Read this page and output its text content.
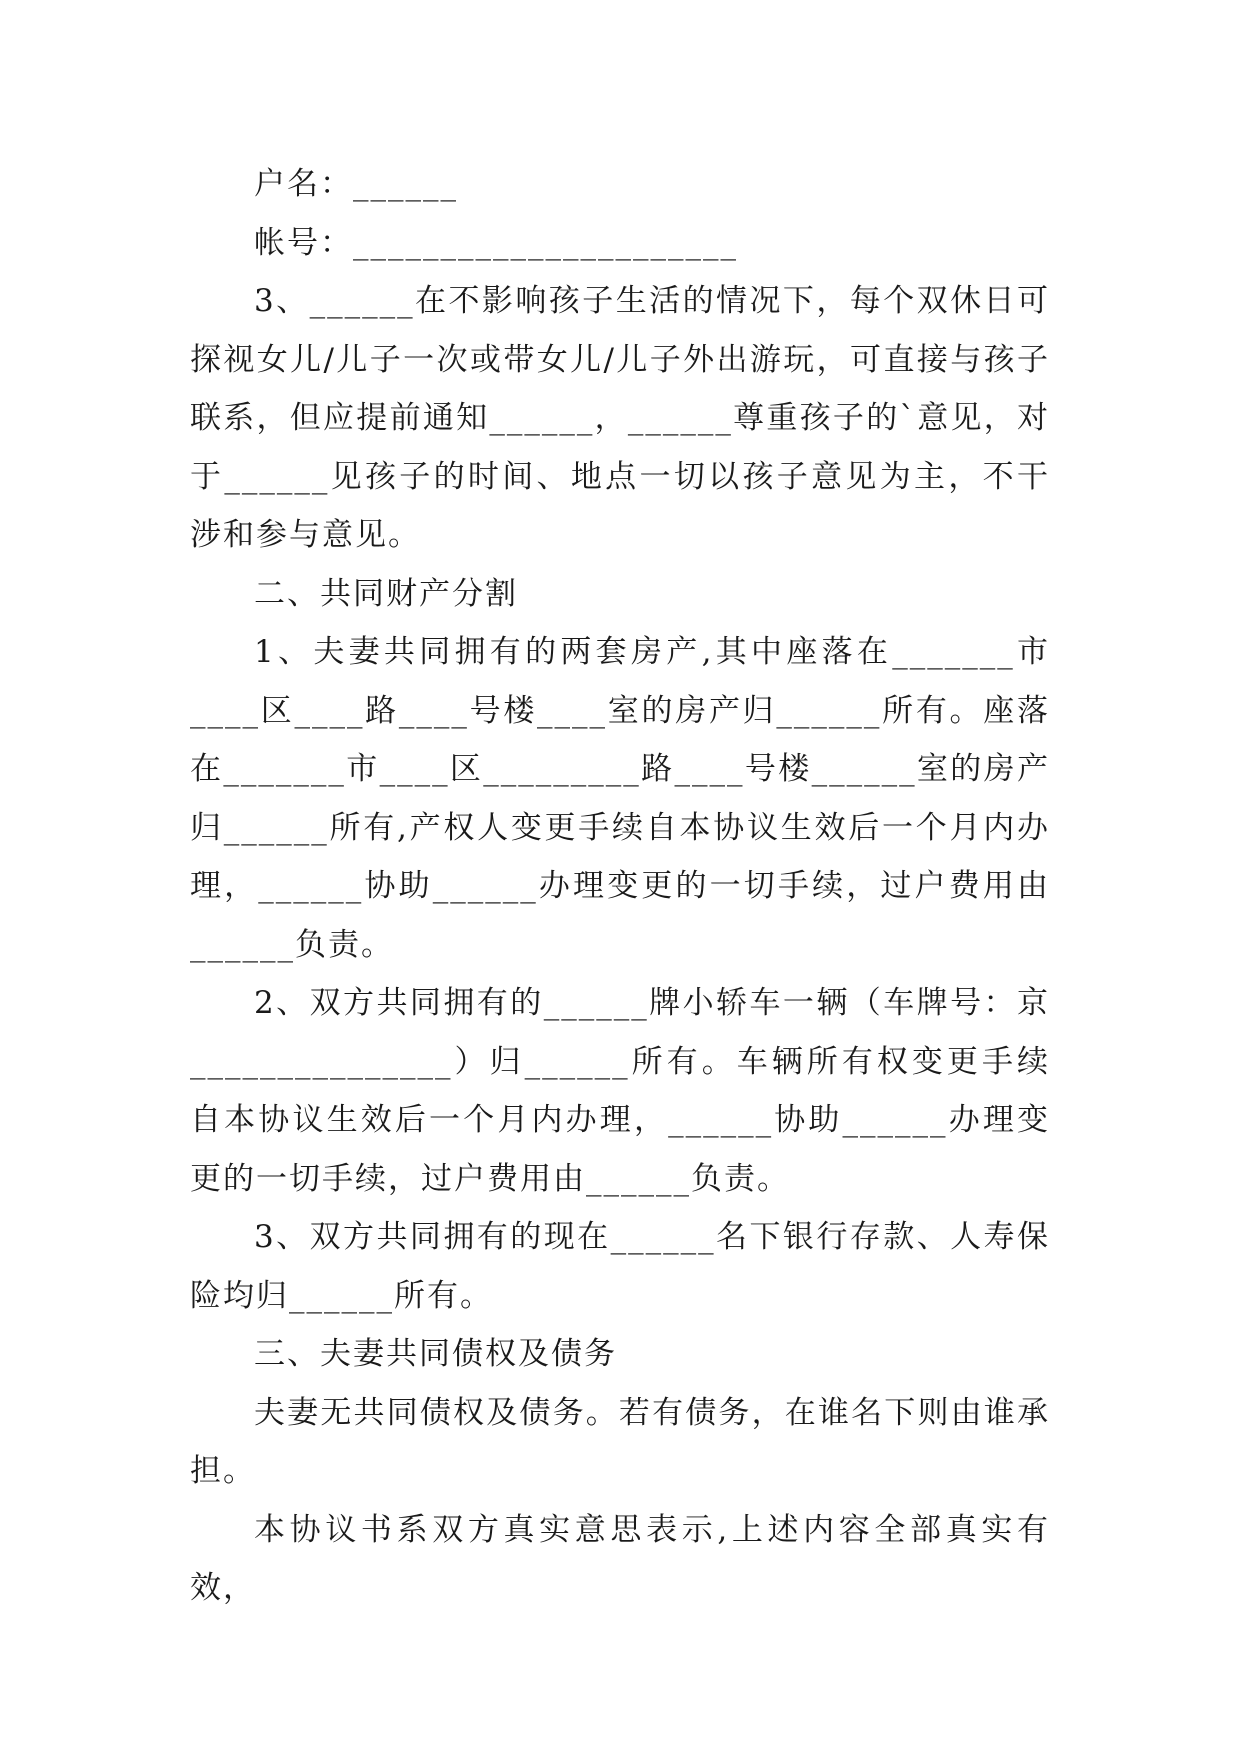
户名：______

帐号：______________________

3、______在不影响孩子生活的情况下，每个双休日可探视女儿/儿子一次或带女儿/儿子外出游玩，可直接与孩子联系，但应提前通知______，______尊重孩子的`意见，对于______见孩子的时间、地点一切以孩子意见为主，不干涉和参与意见。

二、共同财产分割

1、夫妻共同拥有的两套房产,其中座落在_______市____区____路____号楼____室的房产归______所有。座落在_______市____区_________路____号楼______室的房产归______所有,产权人变更手续自本协议生效后一个月内办理，______协助______办理变更的一切手续，过户费用由______负责。

2、双方共同拥有的______牌小轿车一辆（车牌号：京_______________）归______所有。车辆所有权变更手续自本协议生效后一个月内办理，______协助______办理变更的一切手续，过户费用由______负责。

3、双方共同拥有的现在______名下银行存款、人寿保险均归______所有。

三、夫妻共同债权及债务

夫妻无共同债权及债务。若有债务，在谁名下则由谁承担。

本协议书系双方真实意思表示,上述内容全部真实有效，
